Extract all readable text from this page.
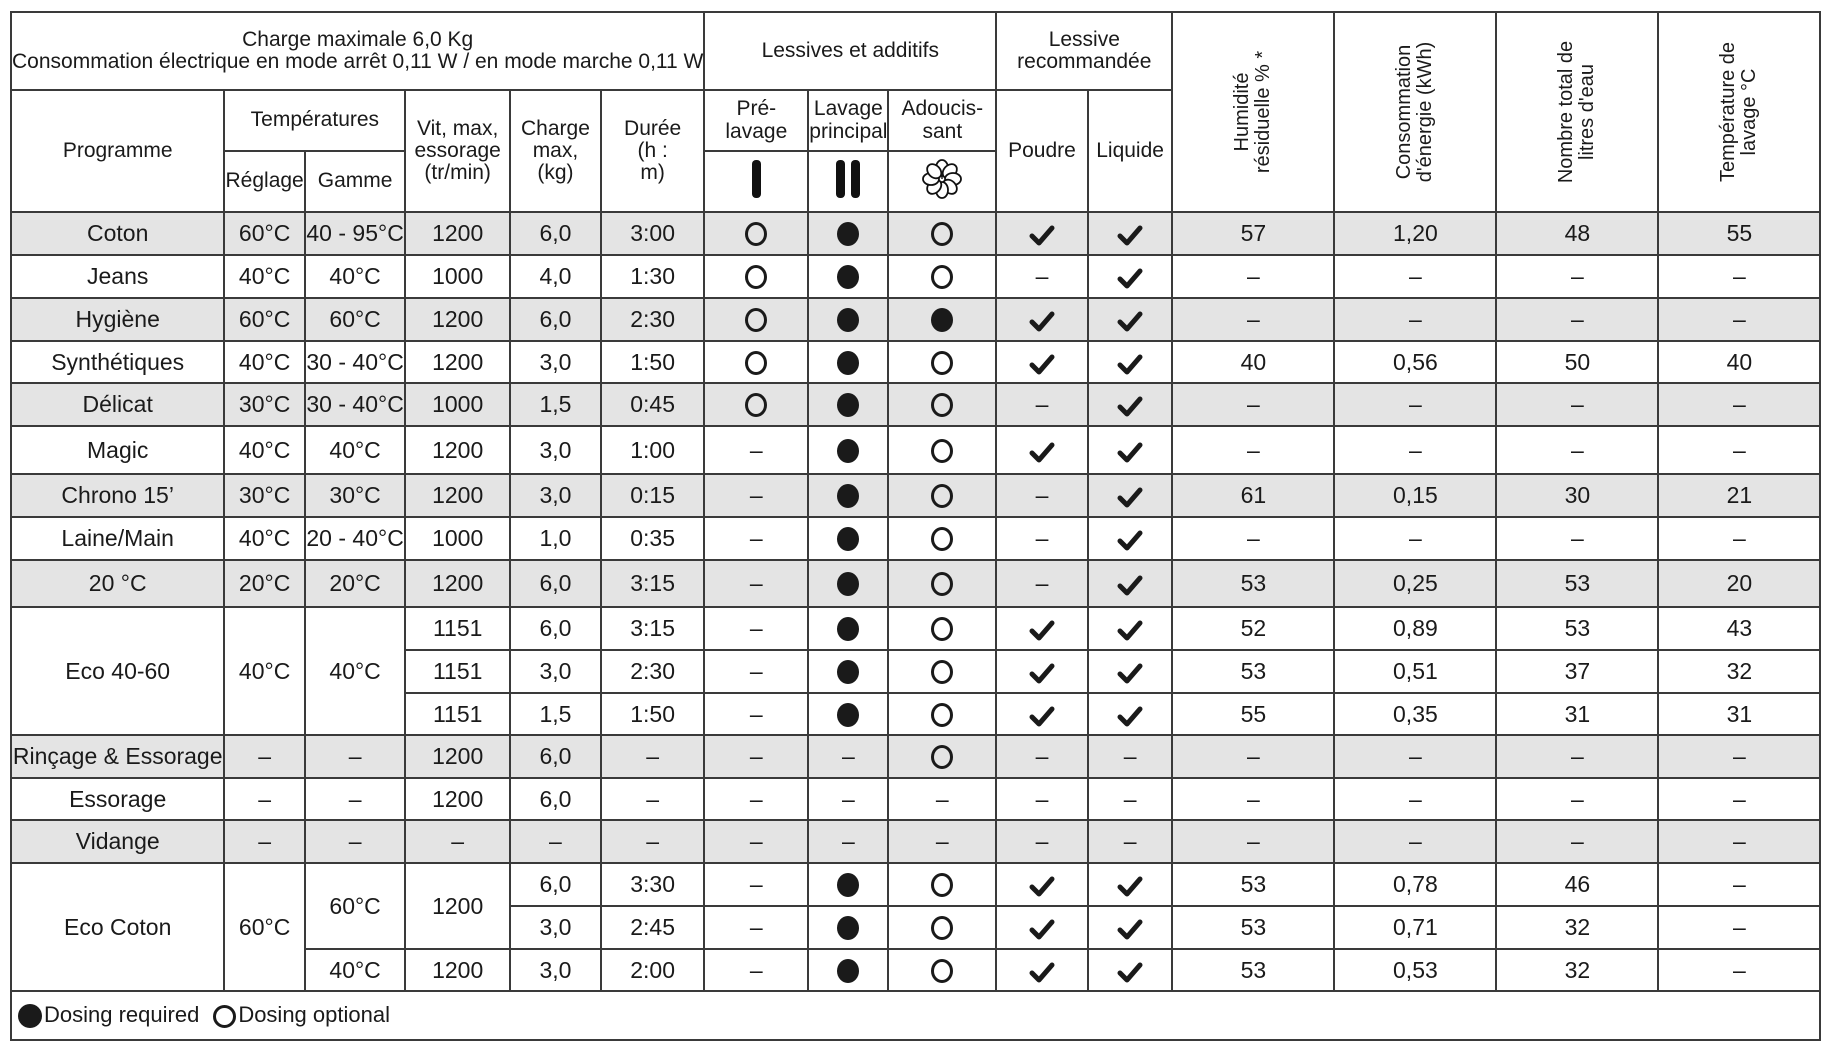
Charge maximale 6,0 Kg
Consommation électrique en mode arrêt 0,11 W / en mode marche 0,11 W						Lessives et additifs			Lessive recommandée		Humidité résiduelle % *	Consommation d'énergie (kWh)	Nombre total de litres d'eau	Température de lavage °C
Programme	Températures		Vit, max, essorage (tr/min)	Charge max, (kg)	Durée (h : m)	Pré- lavage	Lavage principal	Adoucis- sant	Poudre	Liquide				
	Réglage	Gamme			
Coton	60°C	40 - 95°C	1200	6,0	3:00						57	1,20	48	55
Jeans	40°C	40°C	1000	4,0	1:30				–		–	–	–	–
Hygiène	60°C	60°C	1200	6,0	2:30						–	–	–	–
Synthétiques	40°C	30 - 40°C	1200	3,0	1:50						40	0,56	50	40
Délicat	30°C	30 - 40°C	1000	1,5	0:45				–		–	–	–	–
Magic	40°C	40°C	1200	3,0	1:00	–					–	–	–	–
Chrono 15’	30°C	30°C	1200	3,0	0:15	–			–		61	0,15	30	21
Laine/Main	40°C	20 - 40°C	1000	1,0	0:35	–			–		–	–	–	–
20 °C	20°C	20°C	1200	6,0	3:15	–			–		53	0,25	53	20
Eco 40-60	40°C	40°C	1151	6,0	3:15	–					52	0,89	53	43
			1151	3,0	2:30	–					53	0,51	37	32
			1151	1,5	1:50	–					55	0,35	31	31
Rinçage & Essorage	–	–	1200	6,0	–	–	–		–	–	–	–	–	–
Essorage	–	–	1200	6,0	–	–	–	–	–	–	–	–	–	–
Vidange	–	–	–	–	–	–	–	–	–	–	–	–	–	–
Eco Coton	60°C	60°C	1200	6,0	3:30	–					53	0,78	46	–
				3,0	2:45	–					53	0,71	32	–
		40°C	1200	3,0	2:00	–					53	0,53	32	–
Dosing required Dosing optional														
